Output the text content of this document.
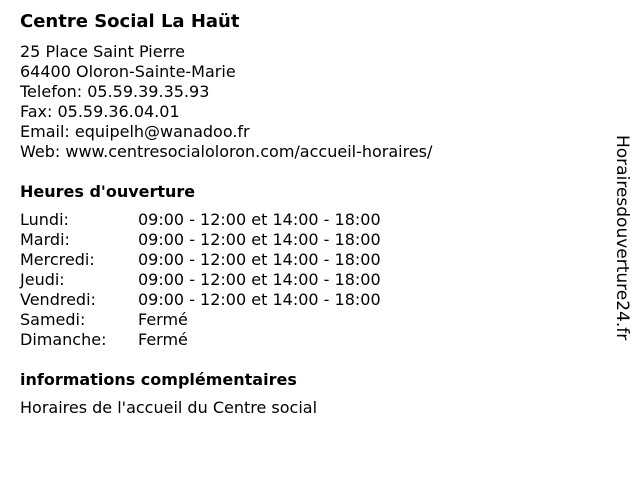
Centre Social La Haüt
25 Place Saint Pierre
64400 Oloron-Sainte-Marie
Telefon: 05.59.39.35.93
Fax: 05.59.36.04.01
Email: equipelh@wanadoo.fr
Web: www.centresocialoloron.com/accueil-horaires/
Heures d'ouverture
Lundi:	09:00 - 12:00 et 14:00 - 18:00
Mardi:	09:00 - 12:00 et 14:00 - 18:00
Mercredi:	09:00 - 12:00 et 14:00 - 18:00
Jeudi:	09:00 - 12:00 et 14:00 - 18:00
Vendredi:	09:00 - 12:00 et 14:00 - 18:00
Samedi:	Fermé
Dimanche:	Fermé
informations complémentaires
Horaires de l'accueil du Centre social
Horairesdouverture24.fr
